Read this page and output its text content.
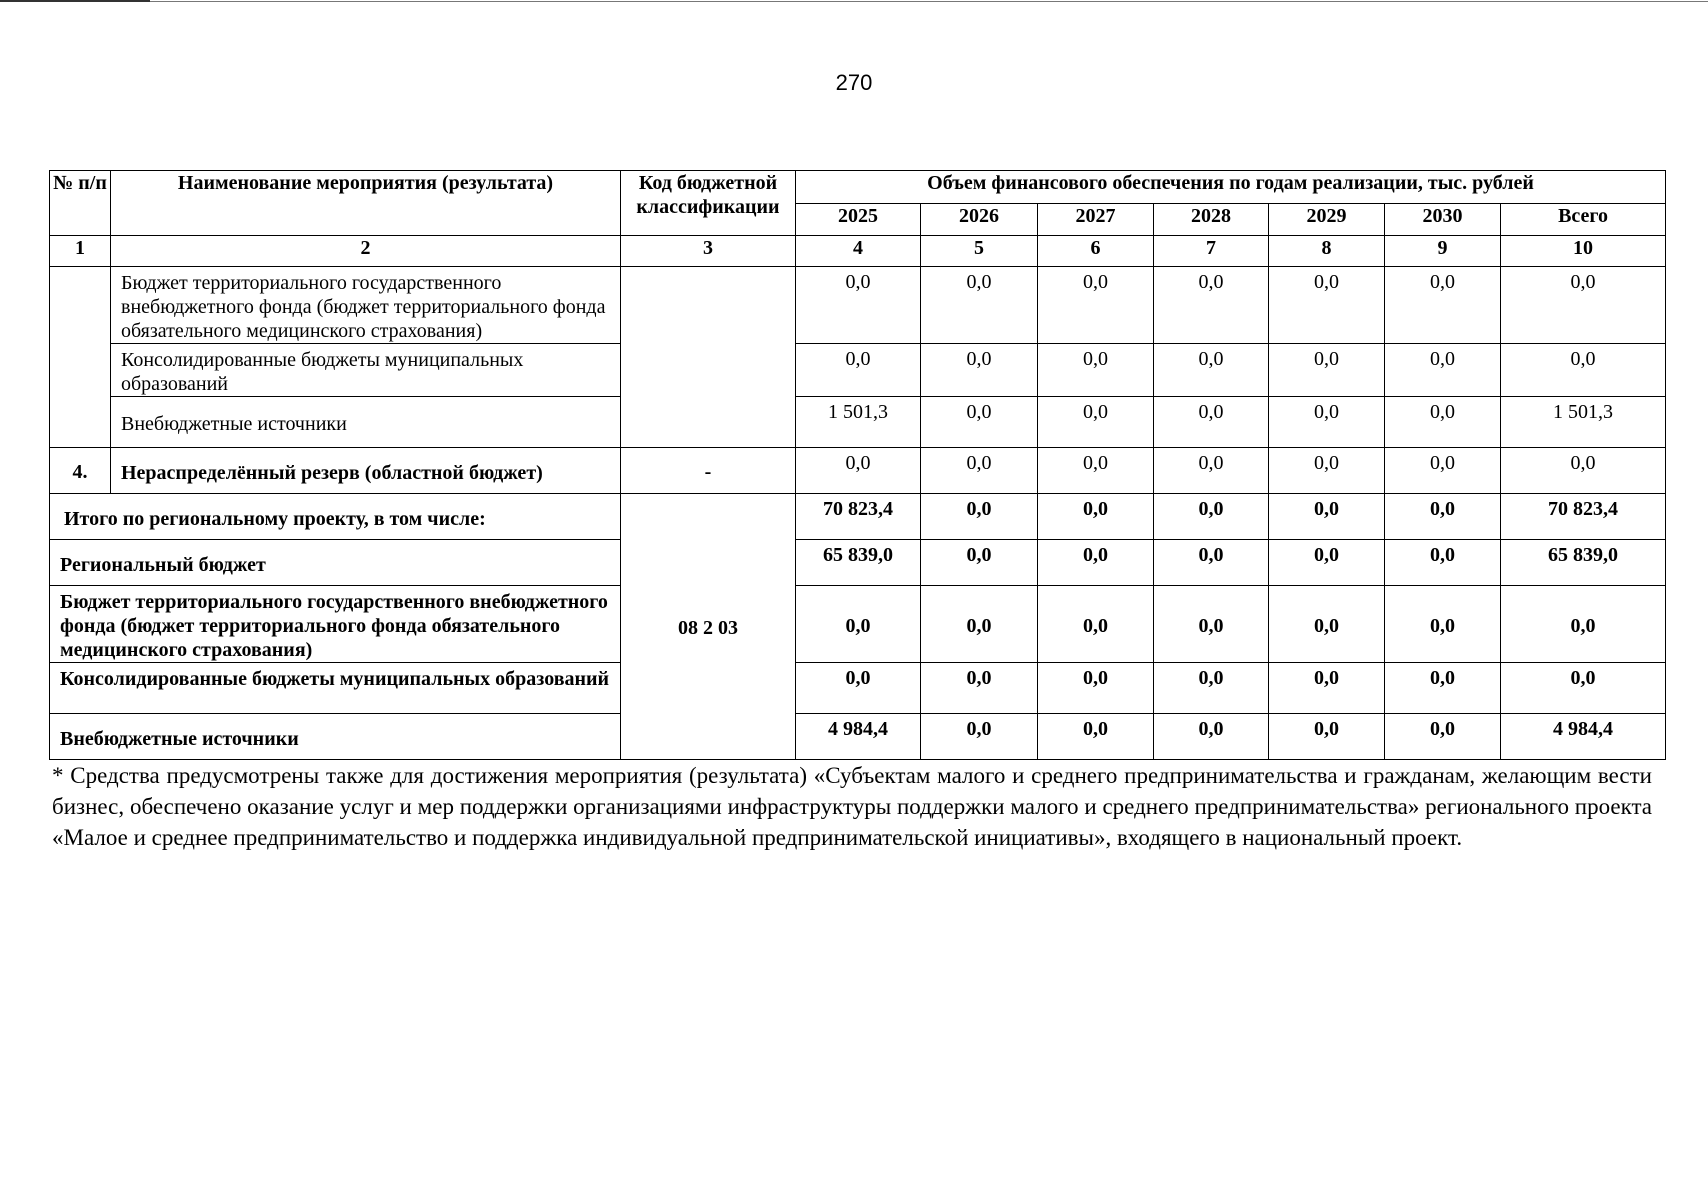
270
№ п/п	Наименование мероприятия (результата)	Код бюджетной классификации	Объем финансового обеспечения по годам реализации, тыс. рублей						
			2025	2026	2027	2028	2029	2030	Всего
1	2	3	4	5	6	7	8	9	10
	Бюджет территориального государственного внебюджетного фонда (бюджет территориального фонда обязательного медицинского страхования)		0,0	0,0	0,0	0,0	0,0	0,0	0,0
	Консолидированные бюджеты муниципальных образований		0,0	0,0	0,0	0,0	0,0	0,0	0,0
	Внебюджетные источники		1 501,3	0,0	0,0	0,0	0,0	0,0	1 501,3
4.	Нераспределённый резерв (областной бюджет)	-	0,0	0,0	0,0	0,0	0,0	0,0	0,0
Итого по региональному проекту, в том числе:		08 2 03	70 823,4	0,0	0,0	0,0	0,0	0,0	70 823,4
Региональный бюджет			65 839,0	0,0	0,0	0,0	0,0	0,0	65 839,0
Бюджет территориального государственного внебюджетного фонда (бюджет территориального фонда обязательного медицинского страхования)			0,0	0,0	0,0	0,0	0,0	0,0	0,0
Консолидированные бюджеты муниципальных образований			0,0	0,0	0,0	0,0	0,0	0,0	0,0
Внебюджетные источники			4 984,4	0,0	0,0	0,0	0,0	0,0	4 984,4
* Средства предусмотрены также для достижения мероприятия (результата) «Субъектам малого и среднего предпринимательства и гражданам, желающим вести бизнес, обеспечено оказание услуг и мер поддержки организациями инфраструктуры поддержки малого и среднего предпринимательства» регионального проекта «Малое и среднее предпринимательство и поддержка индивидуальной предпринимательской инициативы», входящего в национальный проект.
